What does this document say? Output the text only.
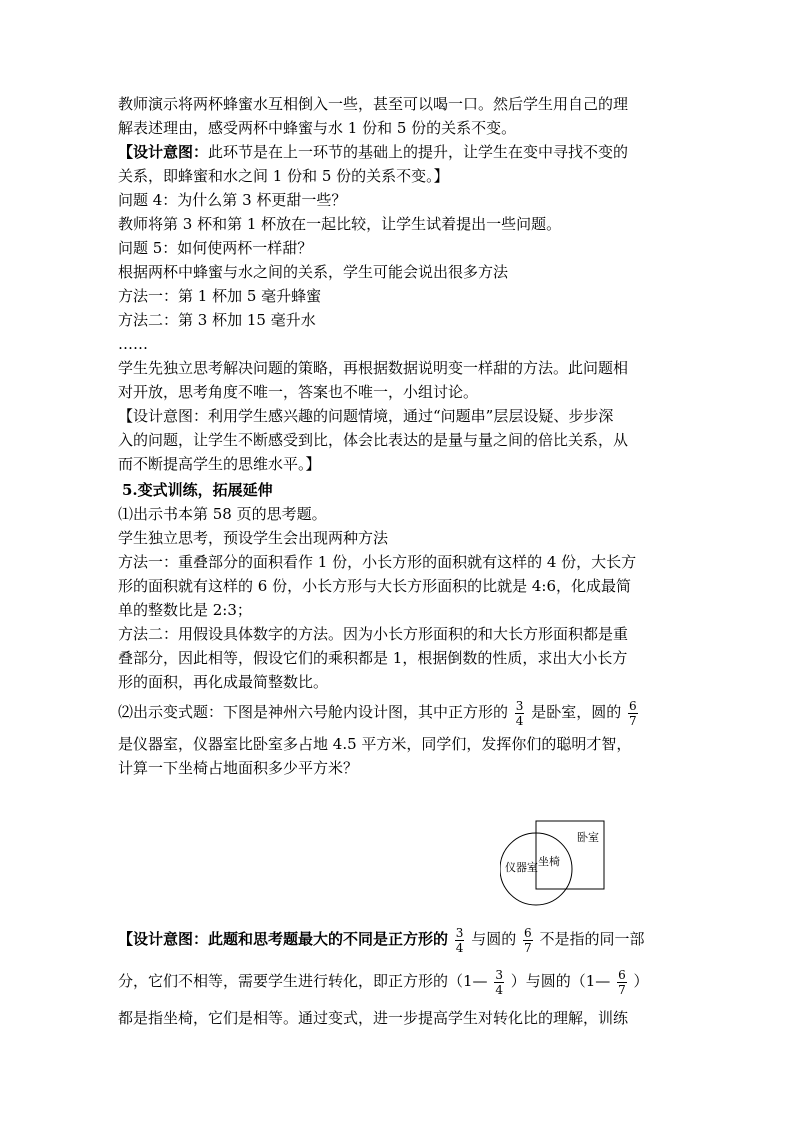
教师演示将两杯蜂蜜水互相倒入一些，甚至可以喝一口。然后学生用自己的理
解表述理由，感受两杯中蜂蜜与水 1 份和 5 份的关系不变。
【设计意图：此环节是在上一环节的基础上的提升，让学生在变中寻找不变的
关系，即蜂蜜和水之间 1 份和 5 份的关系不变。】
问题 4：为什么第 3 杯更甜一些？
教师将第 3 杯和第 1 杯放在一起比较，让学生试着提出一些问题。
问题 5：如何使两杯一样甜？
根据两杯中蜂蜜与水之间的关系，学生可能会说出很多方法
方法一：第 1 杯加 5 毫升蜂蜜
方法二：第 3 杯加 15 毫升水
……
学生先独立思考解决问题的策略，再根据数据说明变一样甜的方法。此问题相
对开放，思考角度不唯一，答案也不唯一，小组讨论。
【设计意图：利用学生感兴趣的问题情境，通过“问题串”层层设疑、步步深
入的问题，让学生不断感受到比，体会比表达的是量与量之间的倍比关系，从
而不断提高学生的思维水平。】
5.变式训练，拓展延伸
⑴出示书本第 58 页的思考题。
学生独立思考，预设学生会出现两种方法
方法一：重叠部分的面积看作 1 份，小长方形的面积就有这样的 4 份，大长方
形的面积就有这样的 6 份，小长方形与大长方形面积的比就是 4:6，化成最简
单的整数比是 2:3；
方法二：用假设具体数字的方法。因为小长方形面积的和大长方形面积都是重
叠部分，因此相等，假设它们的乘积都是 1，根据倒数的性质，求出大小长方
形的面积，再化成最简整数比。
⑵出示变式题：下图是神州六号舱内设计图，其中正方形的 $\frac{3}{4}$ 是卧室，圆的 $\frac{6}{7}$
是仪器室，仪器室比卧室多占地 4.5 平方米，同学们，发挥你们的聪明才智，
计算一下坐椅占地面积多少平方米？
【设计意图：此题和思考题最大的不同是正方形的 $\frac{3}{4}$ 与圆的 $\frac{6}{7}$ 不是指的同一部
分，它们不相等，需要学生进行转化，即正方形的（1— $\frac{3}{4}$ ）与圆的（1— $\frac{6}{7}$ ）
都是指坐椅，它们是相等。通过变式，进一步提高学生对转化比的理解，训练
卧室
坐椅
仪器室
